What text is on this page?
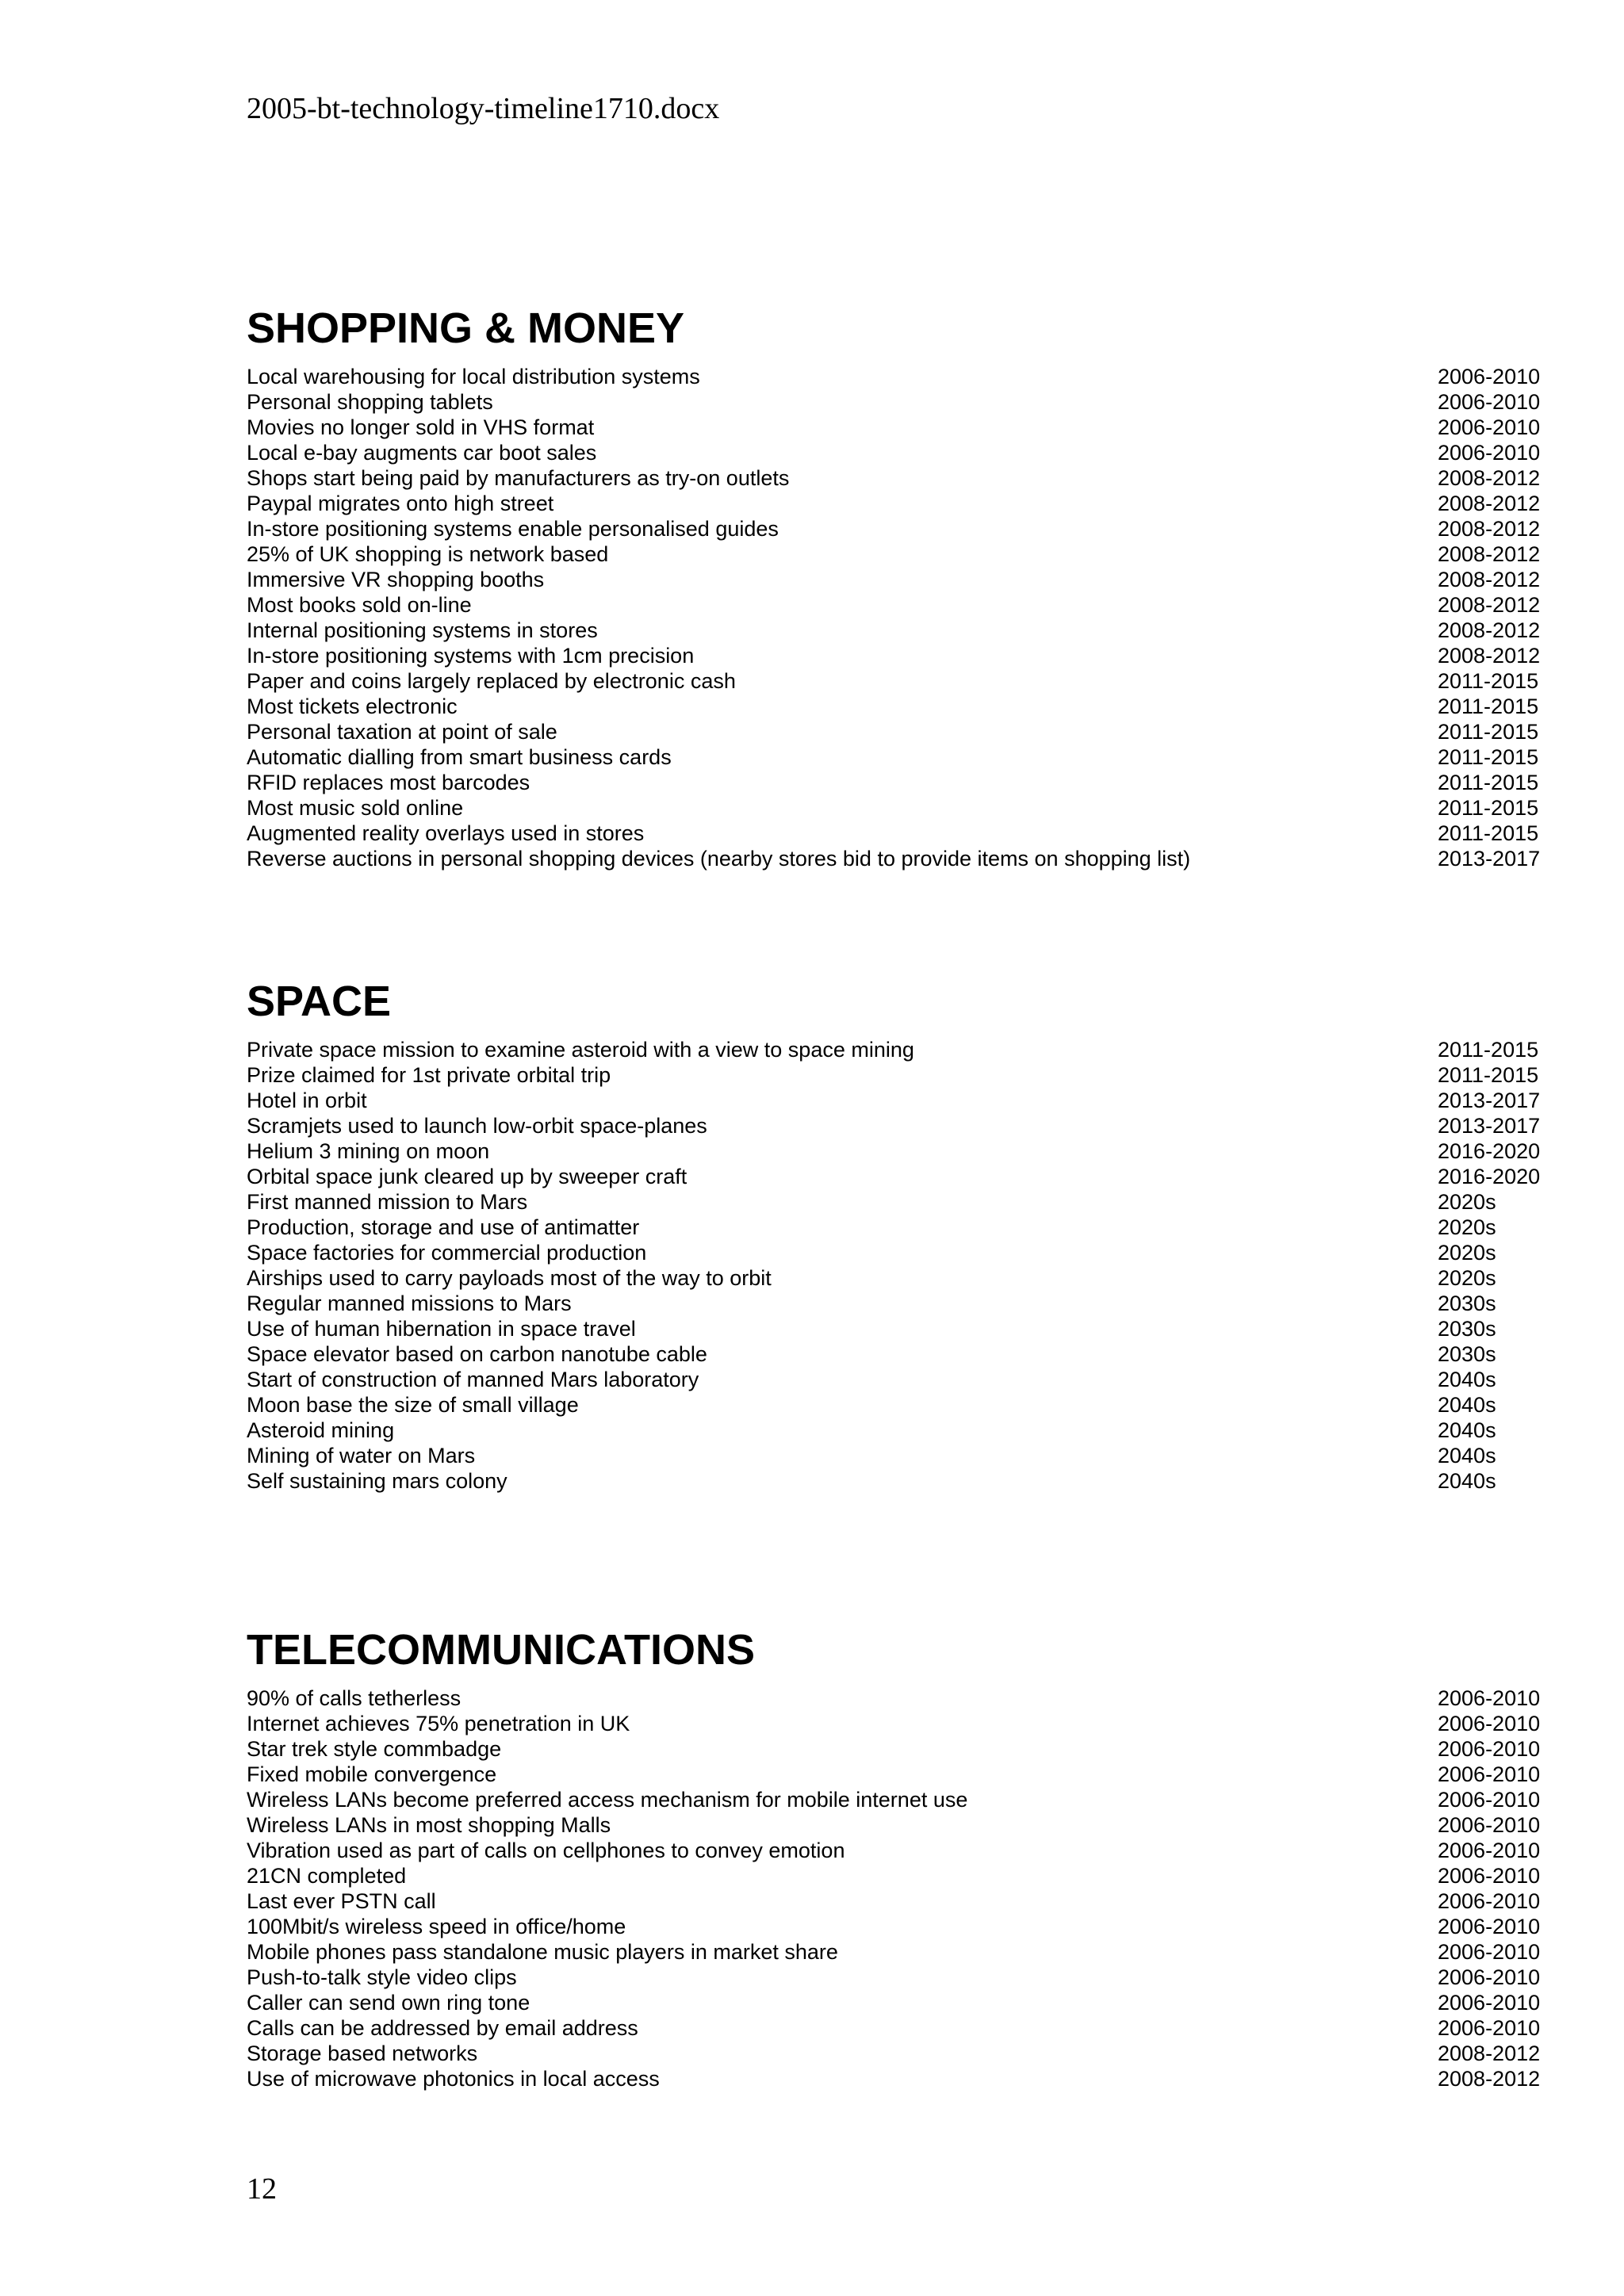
2005-bt-technology-timeline1710.docx
SHOPPING & MONEY
Local warehousing for local distribution systems	2006-2010
Personal shopping tablets	2006-2010
Movies no longer sold in VHS format	2006-2010
Local e-bay augments car boot sales	2006-2010
Shops start being paid by manufacturers as try-on outlets	2008-2012
Paypal migrates onto high street	2008-2012
In-store positioning systems enable personalised guides	2008-2012
25% of UK shopping is network based	2008-2012
Immersive VR shopping booths	2008-2012
Most books sold on-line	2008-2012
Internal positioning systems in stores	2008-2012
In-store positioning systems with 1cm precision	2008-2012
Paper and coins largely replaced by electronic cash	2011-2015
Most tickets electronic	2011-2015
Personal taxation at point of sale	2011-2015
Automatic dialling from smart business cards	2011-2015
RFID replaces most barcodes	2011-2015
Most music sold online	2011-2015
Augmented reality overlays used in stores	2011-2015
Reverse auctions in personal shopping devices (nearby stores bid to provide items on shopping list)	2013-2017
SPACE
Private space mission to examine asteroid with a view to space mining	2011-2015
Prize claimed for 1st private orbital trip	2011-2015
Hotel in orbit	2013-2017
Scramjets used to launch low-orbit space-planes	2013-2017
Helium 3 mining on moon	2016-2020
Orbital space junk cleared up by sweeper craft	2016-2020
First manned mission to Mars	2020s
Production, storage and use of antimatter	2020s
Space factories for commercial production	2020s
Airships used to carry payloads most of the way to orbit	2020s
Regular manned missions to Mars	2030s
Use of human hibernation in space travel	2030s
Space elevator based on carbon nanotube cable	2030s
Start of construction of manned Mars laboratory	2040s
Moon base the size of small village	2040s
Asteroid mining	2040s
Mining of water on Mars	2040s
Self sustaining mars colony	2040s
TELECOMMUNICATIONS
90% of calls tetherless	2006-2010
Internet achieves 75% penetration in UK	2006-2010
Star trek style commbadge	2006-2010
Fixed mobile convergence	2006-2010
Wireless LANs become preferred access mechanism for mobile internet use	2006-2010
Wireless LANs in most shopping Malls	2006-2010
Vibration used as part of calls on cellphones to convey emotion	2006-2010
21CN completed	2006-2010
Last ever PSTN call	2006-2010
100Mbit/s wireless speed in office/home	2006-2010
Mobile phones pass standalone music players in market share	2006-2010
Push-to-talk style video clips	2006-2010
Caller can send own ring tone	2006-2010
Calls can be addressed by email address	2006-2010
Storage based networks	2008-2012
Use of microwave photonics in local access	2008-2012
12
